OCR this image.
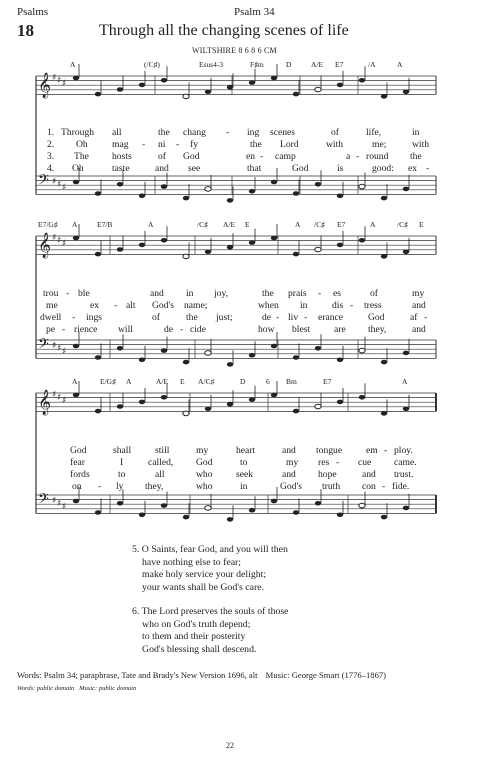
Psalms
18
Psalm 34
Through all the changing scenes of life
WILTSHIRE 8 6 8 6 CM
𝄞
𝄢
♯
♯
♯
♯
♯
♯
𝄞
𝄢
♯
♯
♯
♯
♯
♯
𝄞
𝄢
♯
♯
♯
♯
♯
♯
A	(/C♯)	Esus4-3	F♯m	D	A/E E7	/A	A
E7/G♯ A	E7/B	A	/C♯ A/E E	A /C♯ E7	A	/C♯ E
A	E/G♯ A	A/E E A/C♯	D	6 Bm	E7	A
1. Through all	the chang - ing scenes	of	life,	in
2. Oh	mag - ni - fy	the Lord	with	me;	with
3. The hosts	of God	en - camp	a - round the
4. Oh	taste	and see	that	God	is	good: ex -
trou - ble	and in joy,	the prais - es	of	my
me	ex - alt God's name;	when in	dis - tress	and
dwell - ings	of	the just;	de - liv - erance	God	af -
pe - rience will	de - cide	how blest are they,	and
God	shall still	my	heart	and tongue em - ploy.
fear	I	called, God	to	my res - cue came.
fords	to	all	who seek	and hope	and trust.
on - ly they,	who	in	God's truth con - fide.

5. O Saints, fear God, and you will then

have nothing else to fear;

make holy service your delight;

your wants shall be God's care.

6. The Lord preserves the souls of those

who on God's truth depend;

to them and their posterity

God's blessing shall descend.

Words: Psalm 34; paraphrase, Tate and Brady's New Version 1696, alt Music: George Smart (1776–1867)
Words: public domain   Music: public domain
22
